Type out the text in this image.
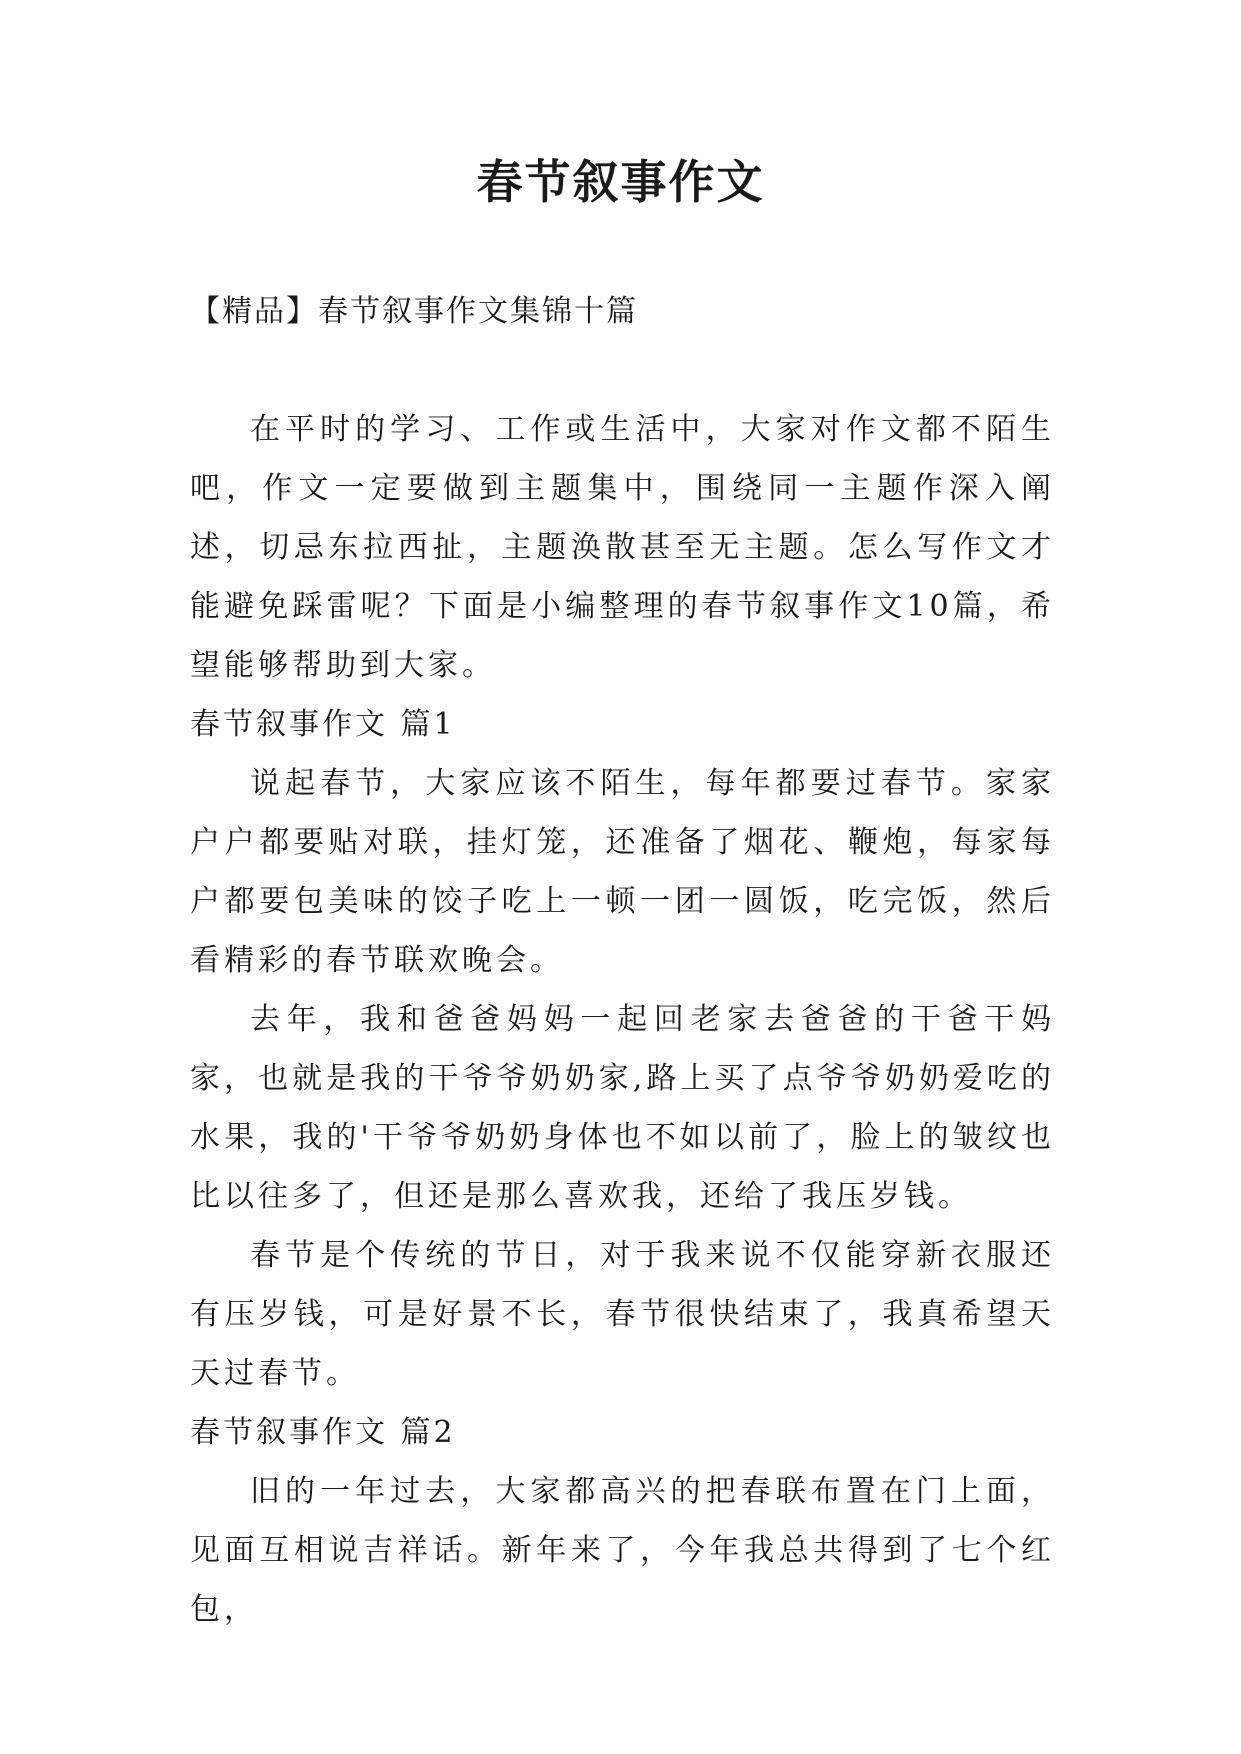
春节叙事作文

【精品】春节叙事作文集锦十篇

在平时的学习、工作或生活中，大家对作文都不陌生吧，作文一定要做到主题集中，围绕同一主题作深入阐述，切忌东拉西扯，主题涣散甚至无主题。怎么写作文才能避免踩雷呢？下面是小编整理的春节叙事作文10篇，希望能够帮助到大家。

春节叙事作文 篇1

说起春节，大家应该不陌生，每年都要过春节。家家户户都要贴对联，挂灯笼，还准备了烟花、鞭炮，每家每户都要包美味的饺子吃上一顿一团一圆饭，吃完饭，然后看精彩的春节联欢晚会。

去年，我和爸爸妈妈一起回老家去爸爸的干爸干妈家，也就是我的干爷爷奶奶家,路上买了点爷爷奶奶爱吃的水果，我的'干爷爷奶奶身体也不如以前了，脸上的皱纹也比以往多了，但还是那么喜欢我，还给了我压岁钱。

春节是个传统的节日，对于我来说不仅能穿新衣服还有压岁钱，可是好景不长，春节很快结束了，我真希望天天过春节。

春节叙事作文 篇2

旧的一年过去，大家都高兴的把春联布置在门上面，见面互相说吉祥话。新年来了，今年我总共得到了七个红包，
